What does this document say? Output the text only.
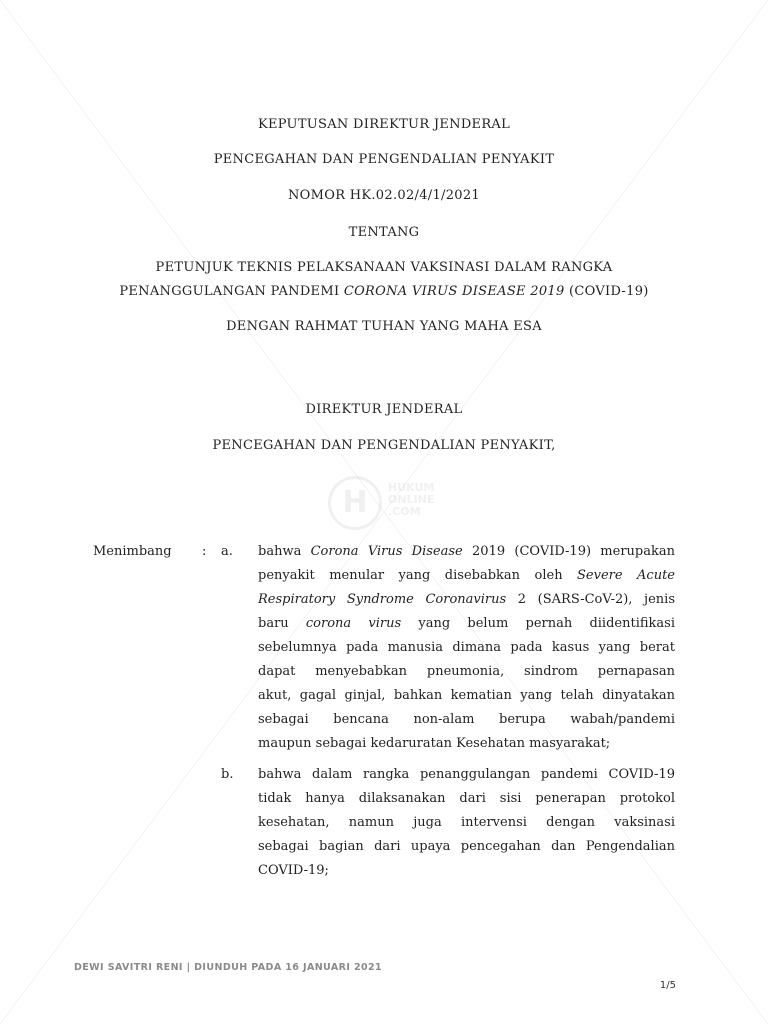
KEPUTUSAN DIREKTUR JENDERAL
PENCEGAHAN DAN PENGENDALIAN PENYAKIT
NOMOR HK.02.02/4/1/2021
TENTANG
PETUNJUK TEKNIS PELAKSANAAN VAKSINASI DALAM RANGKA
PENANGGULANGAN PANDEMI CORONA VIRUS DISEASE 2019 (COVID-19)
DENGAN RAHMAT TUHAN YANG MAHA ESA
DIREKTUR JENDERAL
PENCEGAHAN DAN PENGENDALIAN PENYAKIT,
H	HUKUM
ONLINE
.COM
Menimbang : a. bahwa Corona Virus Disease 2019 (COVID-19) merupakan
penyakit menular yang disebabkan oleh Severe Acute
Respiratory Syndrome Coronavirus 2 (SARS-CoV-2), jenis
baru corona virus yang belum pernah diidentifikasi
sebelumnya pada manusia dimana pada kasus yang berat
dapat menyebabkan pneumonia, sindrom pernapasan
akut, gagal ginjal, bahkan kematian yang telah dinyatakan
sebagai bencana non-alam berupa wabah/pandemi
maupun sebagai kedaruratan Kesehatan masyarakat;
b. bahwa dalam rangka penanggulangan pandemi COVID-19
tidak hanya dilaksanakan dari sisi penerapan protokol
kesehatan, namun juga intervensi dengan vaksinasi
sebagai bagian dari upaya pencegahan dan Pengendalian
COVID-19;
DEWI SAVITRI RENI | DIUNDUH PADA 16 JANUARI 2021
1/5
